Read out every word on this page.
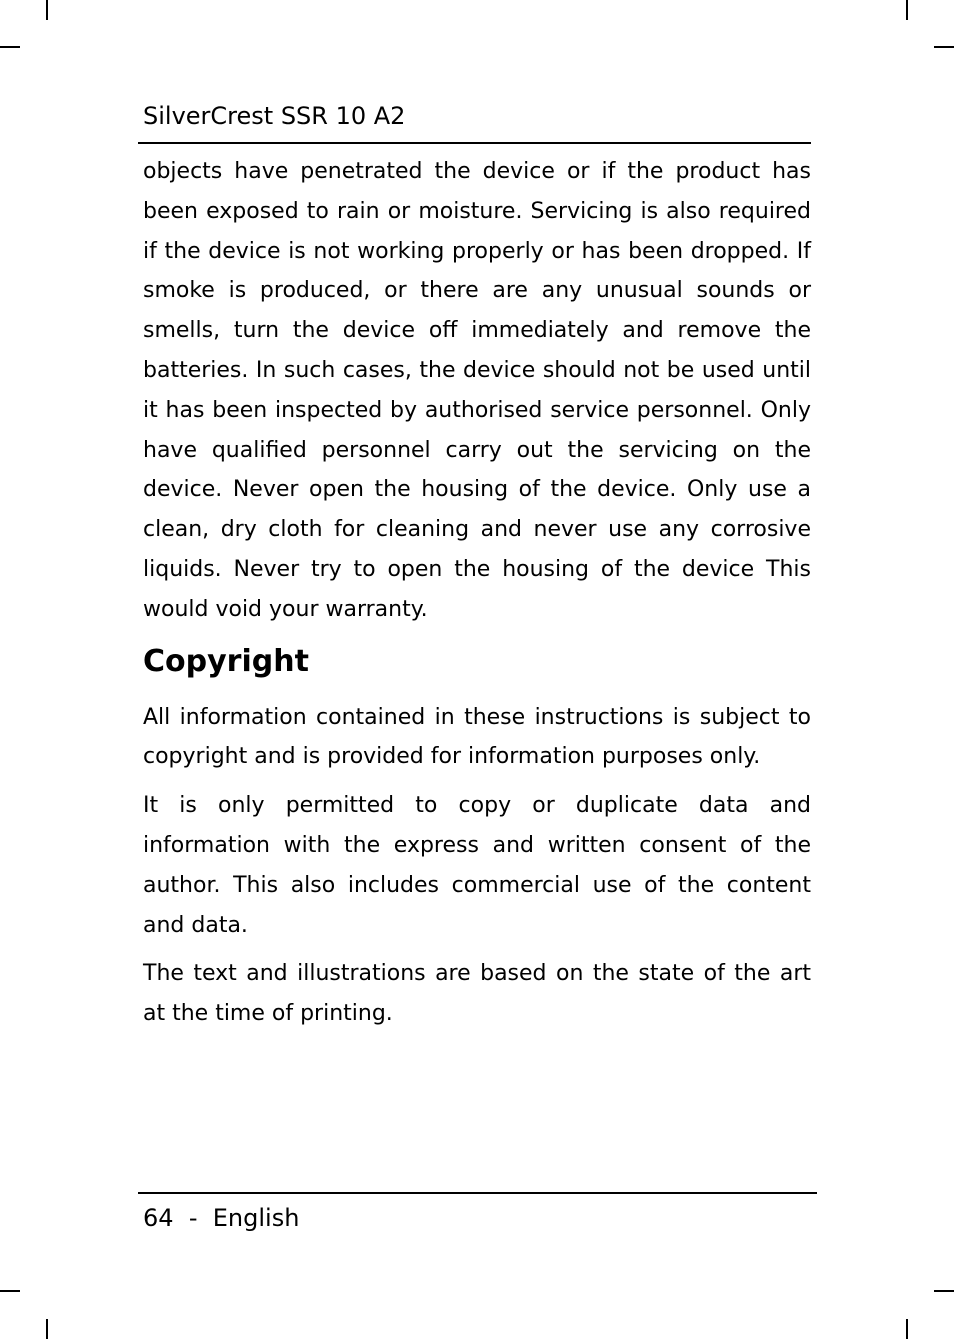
SilverCrest SSR 10 A2

objects have penetrated the device or if the product has been exposed to rain or moisture. Servicing is also required if the device is not working properly or has been dropped. If smoke is produced, or there are any unusual sounds or smells, turn the device off immediately and remove the batteries. In such cases, the device should not be used until it has been inspected by authorised service personnel. Only have qualified personnel carry out the servicing on the device. Never open the housing of the device. Only use a clean, dry cloth for cleaning and never use any corrosive liquids. Never try to open the housing of the device This would void your warranty.

Copyright

All information contained in these instructions is subject to copyright and is provided for information purposes only.

It is only permitted to copy or duplicate data and information with the express and written consent of the author. This also includes commercial use of the content and data.

The text and illustrations are based on the state of the art at the time of printing.

64 - English
